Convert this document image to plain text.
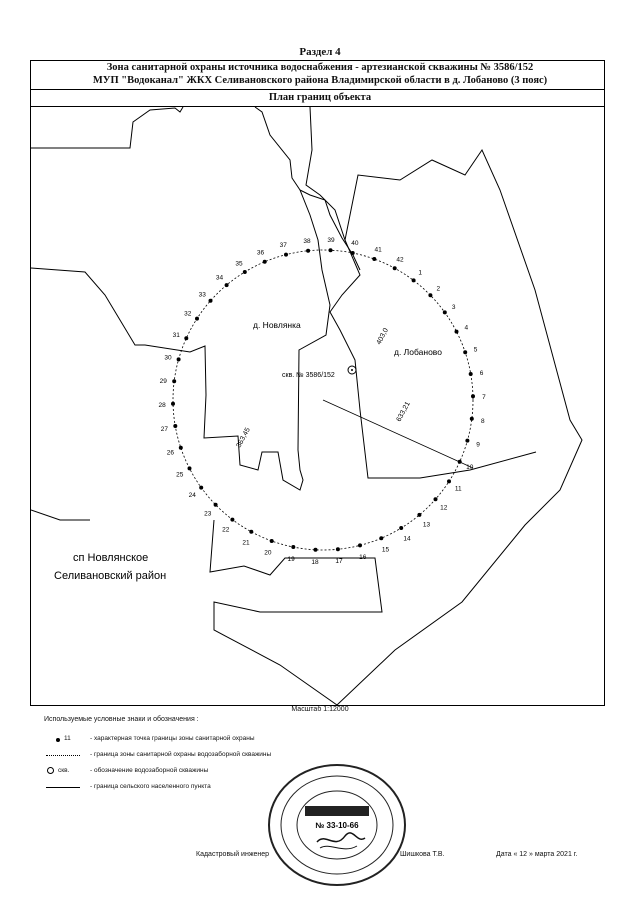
Раздел 4
Зона санитарной охраны источника водоснабжения - артезианской скважины № 3586/152
МУП "Водоканал" ЖКХ Селивановского района Владимирской области в д. Лобаново (3 пояс)
План границ объекта
1
2
3
4
5
6
7
8
9
10
11
12
13
14
15
16
17
18
19
20
21
22
23
24
25
26
27
28
29
30
31
32
33
34
35
36
37
38	39	40
41
42
д. Новлянка
д. Лобаново
скв. № 3586/152
403,0
363,45
633,21
сп Новлянское
Селивановский район
Масштаб 1:12000
Используемые условные знаки и обозначения :
11	- характерная точка границы зоны санитарной охраны
- граница зоны санитарной охраны водозаборной скважины
скв.	- обозначение водозаборной скважины
- граница сельского населенного пункта
№ 33-10-66
Кадастровый инженер	Шишкова Т.В.	Дата « 12 » марта 2021 г.
